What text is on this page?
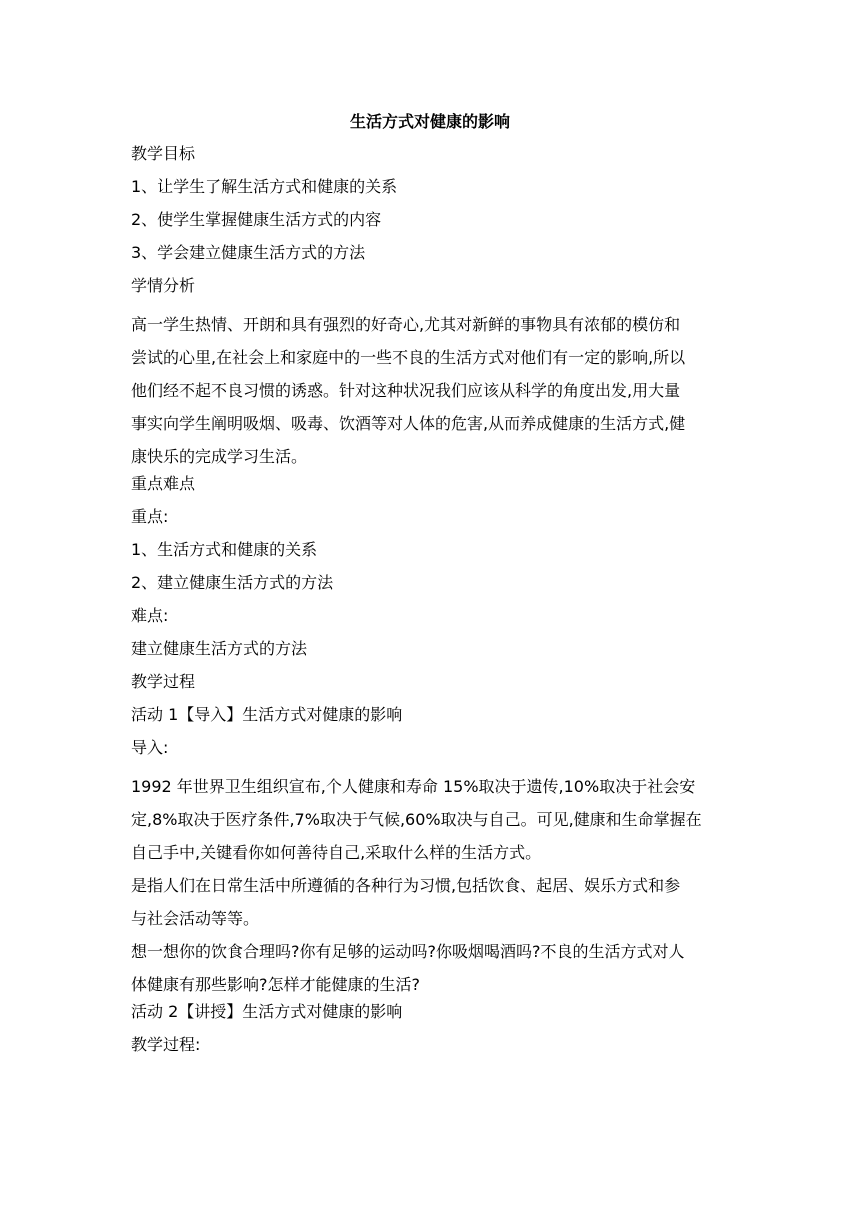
生活方式对健康的影响

教学目标

1、让学生了解生活方式和健康的关系

2、使学生掌握健康生活方式的内容

3、学会建立健康生活方式的方法

学情分析

高一学生热情、开朗和具有强烈的好奇心,尤其对新鲜的事物具有浓郁的模仿和
尝试的心里,在社会上和家庭中的一些不良的生活方式对他们有一定的影响,所以
他们经不起不良习惯的诱惑。针对这种状况我们应该从科学的角度出发,用大量
事实向学生阐明吸烟、吸毒、饮酒等对人体的危害,从而养成健康的生活方式,健
康快乐的完成学习生活。

重点难点

重点:

1、生活方式和健康的关系

2、建立健康生活方式的方法

难点:

建立健康生活方式的方法

教学过程

活动 1【导入】生活方式对健康的影响

导入:

1992 年世界卫生组织宣布,个人健康和寿命 15%取决于遗传,10%取决于社会安
定,8%取决于医疗条件,7%取决于气候,60%取决与自己。可见,健康和生命掌握在
自己手中,关键看你如何善待自己,采取什么样的生活方式。
是指人们在日常生活中所遵循的各种行为习惯,包括饮食、起居、娱乐方式和参
与社会活动等等。
想一想你的饮食合理吗?你有足够的运动吗?你吸烟喝酒吗?不良的生活方式对人
体健康有那些影响?怎样才能健康的生活?

活动 2【讲授】生活方式对健康的影响

教学过程:
